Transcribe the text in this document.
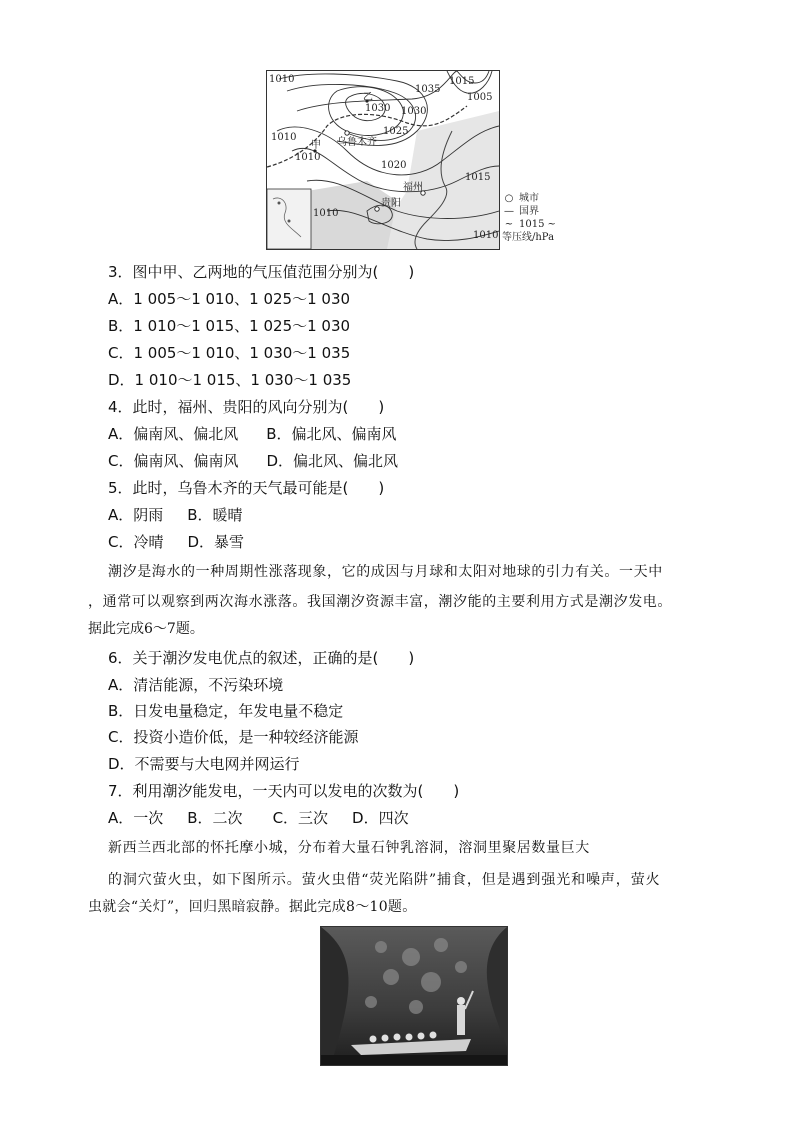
1010
1035
1015
1005
1030
1025
1020
1010
1015
1010
1010
1010
乙
1030
甲 乌鲁木齐
福州
贵阳	○ 城市
— 国界
~ 1015 ~
等压线/hPa
3．图中甲、乙两地的气压值范围分别为(　　)
A．1 005～1 010、1 025～1 030
B．1 010～1 015、1 025～1 030
C．1 005～1 010、1 030～1 035
D．1 010～1 015、1 030～1 035
4．此时，福州、贵阳的风向分别为(　　)
A．偏南风、偏北风 B．偏北风、偏南风
C．偏南风、偏南风 D．偏北风、偏北风
5．此时，乌鲁木齐的天气最可能是(　　)
A．阴雨 B．暖晴
C．冷晴 D．暴雪
潮汐是海水的一种周期性涨落现象，它的成因与月球和太阳对地球的引力有关。一天中
，通常可以观察到两次海水涨落。我国潮汐资源丰富，潮汐能的主要利用方式是潮汐发电。
据此完成6～7题。
6．关于潮汐发电优点的叙述，正确的是(　　)
A．清洁能源，不污染环境
B．日发电量稳定，年发电量不稳定
C．投资小造价低，是一种较经济能源
D．不需要与大电网并网运行
7．利用潮汐能发电，一天内可以发电的次数为(　　)
A．一次 B．二次 C．三次 D．四次
新西兰西北部的怀托摩小城，分布着大量石钟乳溶洞，溶洞里聚居数量巨大
的洞穴萤火虫，如下图所示。萤火虫借“荧光陷阱”捕食，但是遇到强光和噪声，萤火
虫就会“关灯”，回归黑暗寂静。据此完成8～10题。
